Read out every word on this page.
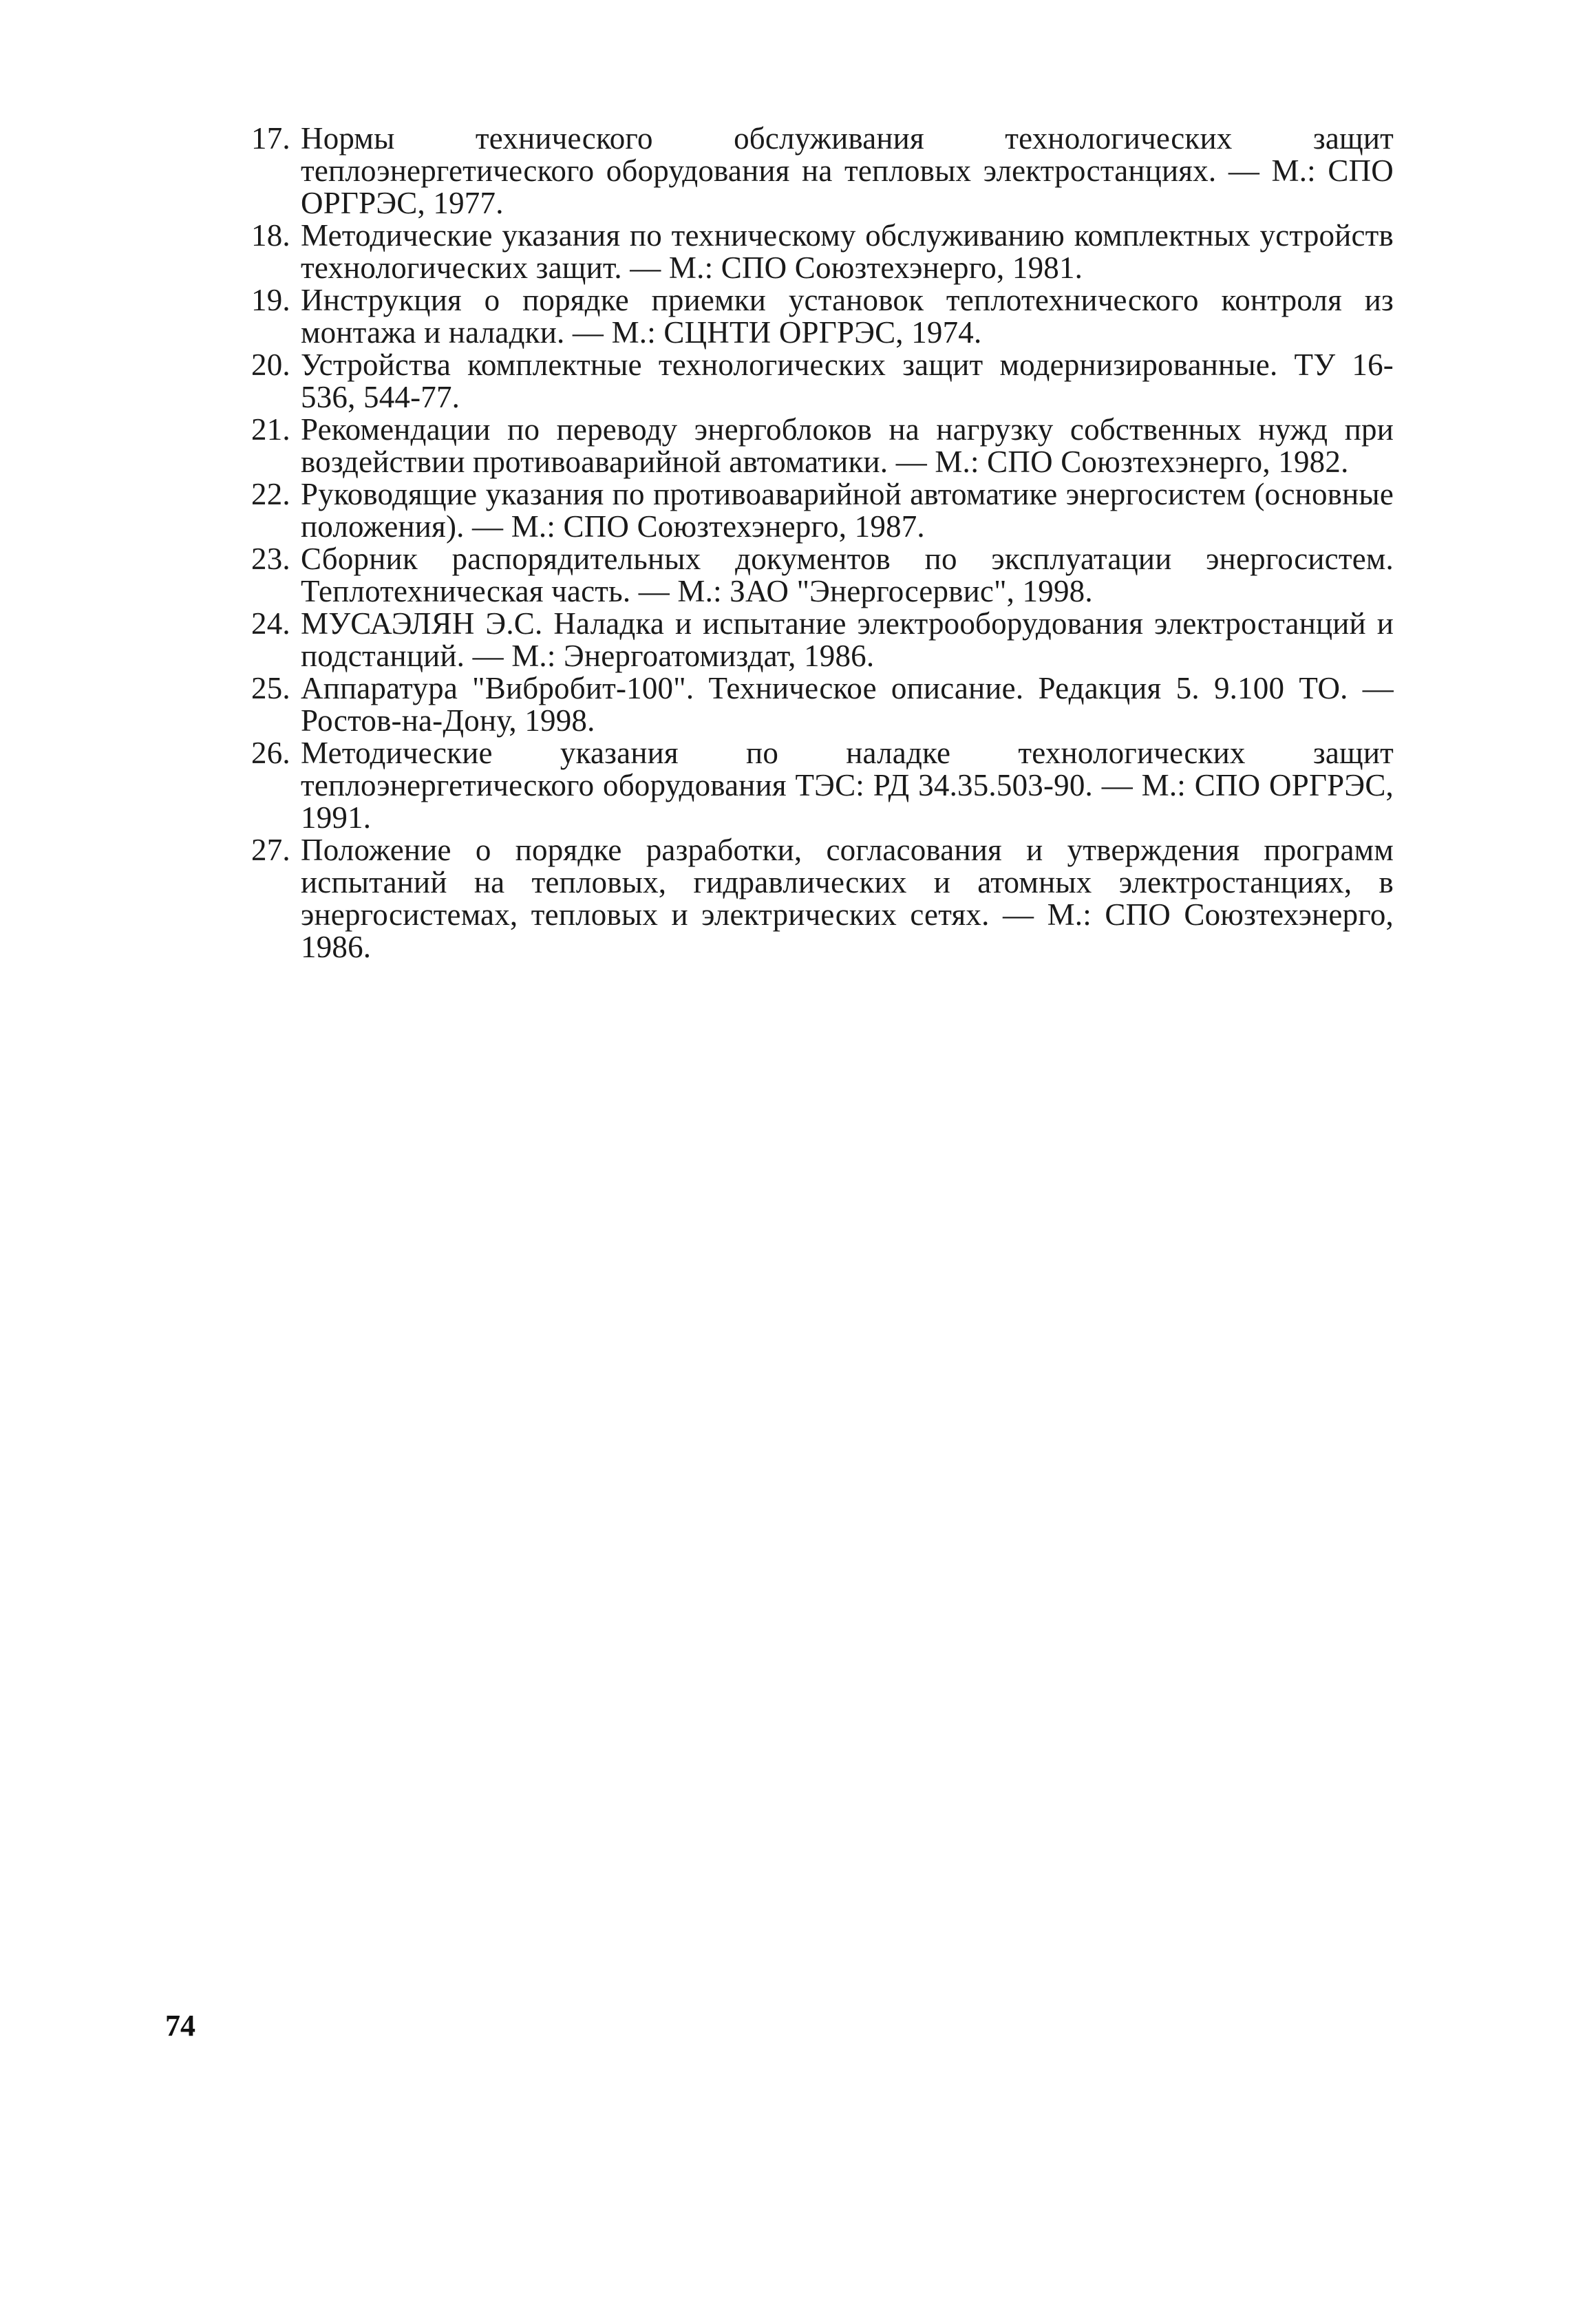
17. Нормы технического обслуживания технологических защит теплоэнергетического оборудования на тепловых электростанциях. — М.: СПО ОРГРЭС, 1977.
18. Методические указания по техническому обслуживанию комплектных устройств технологических защит. — М.: СПО Союзтехэнерго, 1981.
19. Инструкция о порядке приемки установок теплотехнического контроля из монтажа и наладки. — М.: СЦНТИ ОРГРЭС, 1974.
20. Устройства комплектные технологических защит модернизированные. ТУ 16-536, 544-77.
21. Рекомендации по переводу энергоблоков на нагрузку собственных нужд при воздействии противоаварийной автоматики. — М.: СПО Союзтехэнерго, 1982.
22. Руководящие указания по противоаварийной автоматике энергосистем (основные положения). — М.: СПО Союзтехэнерго, 1987.
23. Сборник распорядительных документов по эксплуатации энергосистем. Теплотехническая часть. — М.: ЗАО "Энергосервис", 1998.
24. МУСАЭЛЯН Э.С. Наладка и испытание электрооборудования электростанций и подстанций. — М.: Энергоатомиздат, 1986.
25. Аппаратура "Вибробит-100". Техническое описание. Редакция 5. 9.100 ТО. — Ростов-на-Дону, 1998.
26. Методические указания по наладке технологических защит теплоэнергетического оборудования ТЭС: РД 34.35.503-90. — М.: СПО ОРГРЭС, 1991.
27. Положение о порядке разработки, согласования и утверждения программ испытаний на тепловых, гидравлических и атомных электростанциях, в энергосистемах, тепловых и электрических сетях. — М.: СПО Союзтехэнерго, 1986.
74
